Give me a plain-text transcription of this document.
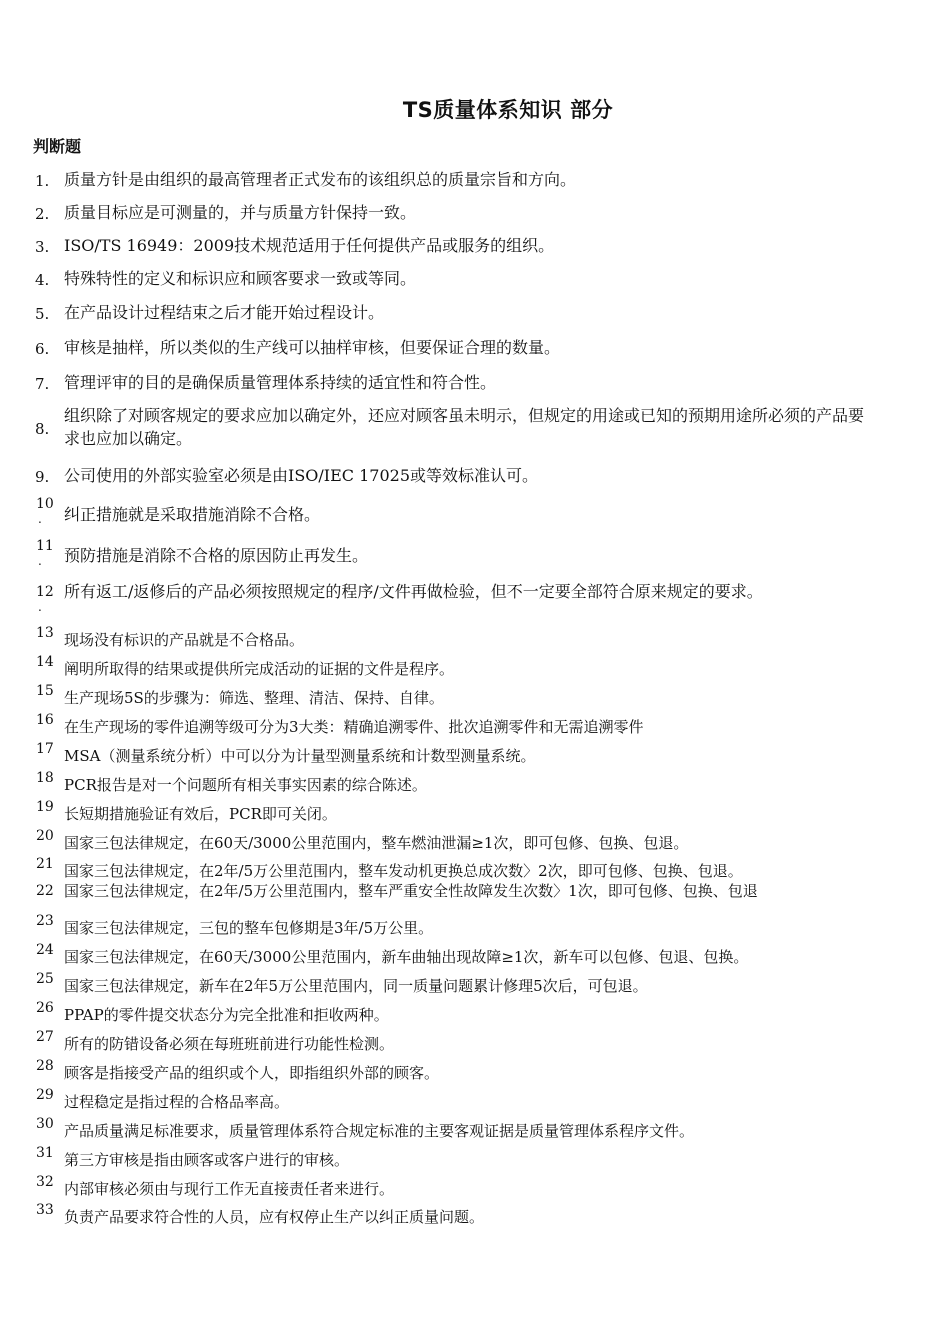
TS质量体系知识 部分
判断题
1. 质量方针是由组织的最高管理者正式发布的该组织总的质量宗旨和方向。
2. 质量目标应是可测量的，并与质量方针保持一致。
3. ISO/TS 16949：2009技术规范适用于任何提供产品或服务的组织。
4. 特殊特性的定义和标识应和顾客要求一致或等同。
5. 在产品设计过程结束之后才能开始过程设计。
6. 审核是抽样，所以类似的生产线可以抽样审核，但要保证合理的数量。
7. 管理评审的目的是确保质量管理体系持续的适宜性和符合性。
8.
组织除了对顾客规定的要求应加以确定外，还应对顾客虽未明示，但规定的用途或已知的预期用途所必须的产品要求也应加以确定。
9. 公司使用的外部实验室必须是由ISO/IEC 17025或等效标准认可。
10
.	纠正措施就是采取措施消除不合格。
11
.	预防措施是消除不合格的原因防止再发生。
12
.
所有返工/返修后的产品必须按照规定的程序/文件再做检验，但不一定要全部符合原来规定的要求。
13 现场没有标识的产品就是不合格品。
14 阐明所取得的结果或提供所完成活动的证据的文件是程序。
15 生产现场5S的步骤为：筛选、整理、清洁、保持、自律。
16 在生产现场的零件追溯等级可分为3大类：精确追溯零件、批次追溯零件和无需追溯零件
17 MSA（测量系统分析）中可以分为计量型测量系统和计数型测量系统。
18 PCR报告是对一个问题所有相关事实因素的综合陈述。
19 长短期措施验证有效后，PCR即可关闭。
20 国家三包法律规定，在60天/3000公里范围内，整车燃油泄漏≥1次，即可包修、包换、包退。
21 国家三包法律规定，在2年/5万公里范围内，整车发动机更换总成次数〉2次，即可包修、包换、包退。
22 国家三包法律规定，在2年/5万公里范围内，整车严重安全性故障发生次数〉1次，即可包修、包换、包退
23 国家三包法律规定，三包的整车包修期是3年/5万公里。
24 国家三包法律规定，在60天/3000公里范围内，新车曲轴出现故障≥1次，新车可以包修、包退、包换。
25 国家三包法律规定，新车在2年5万公里范围内，同一质量问题累计修理5次后，可包退。
26 PPAP的零件提交状态分为完全批准和拒收两种。
27 所有的防错设备必须在每班班前进行功能性检测。
28 顾客是指接受产品的组织或个人，即指组织外部的顾客。
29 过程稳定是指过程的合格品率高。
30 产品质量满足标准要求，质量管理体系符合规定标准的主要客观证据是质量管理体系程序文件。
31 第三方审核是指由顾客或客户进行的审核。
32 内部审核必须由与现行工作无直接责任者来进行。
33 负责产品要求符合性的人员，应有权停止生产以纠正质量问题。
